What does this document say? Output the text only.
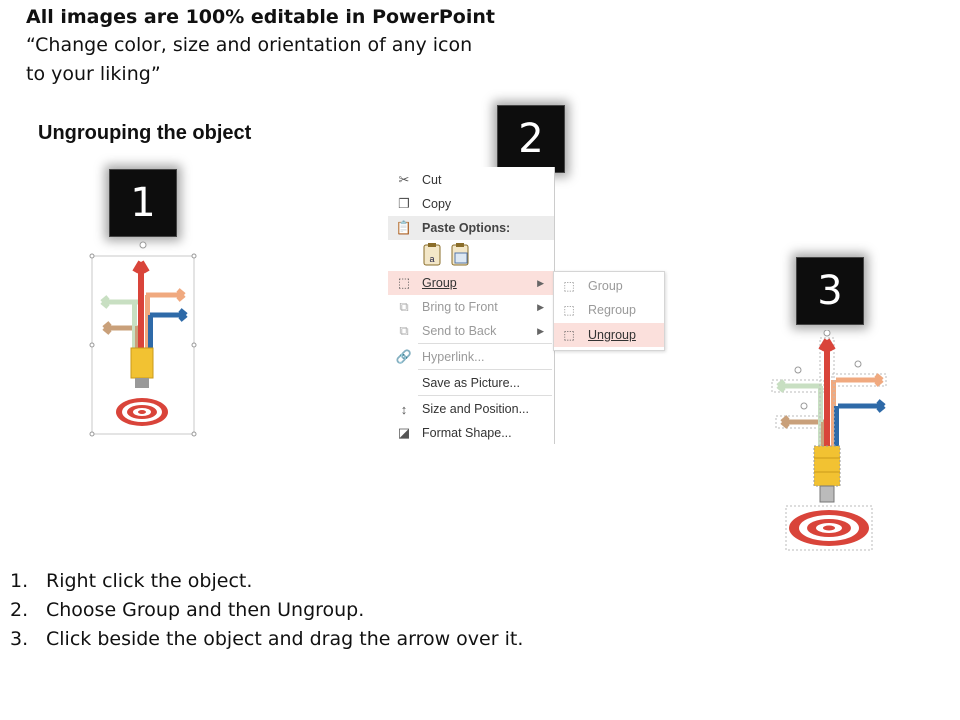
All images are 100% editable in PowerPoint
“Change color, size and orientation of any icon
to your liking”
Ungrouping the object
1
2
3
✂	Cut
❐ Copy
📋 Paste Options:
a
⬚ Group	▶
⧉	Bring to Front	▶
⧉	Send to Back	▶
🔗 Hyperlink...
Save as Picture...
↕	Size and Position...
◪ Format Shape...
⬚	Group
⬚	Regroup
⬚	Ungroup
1. Right click the object.
2. Choose Group and then Ungroup.
3. Click beside the object and drag the arrow over it.
